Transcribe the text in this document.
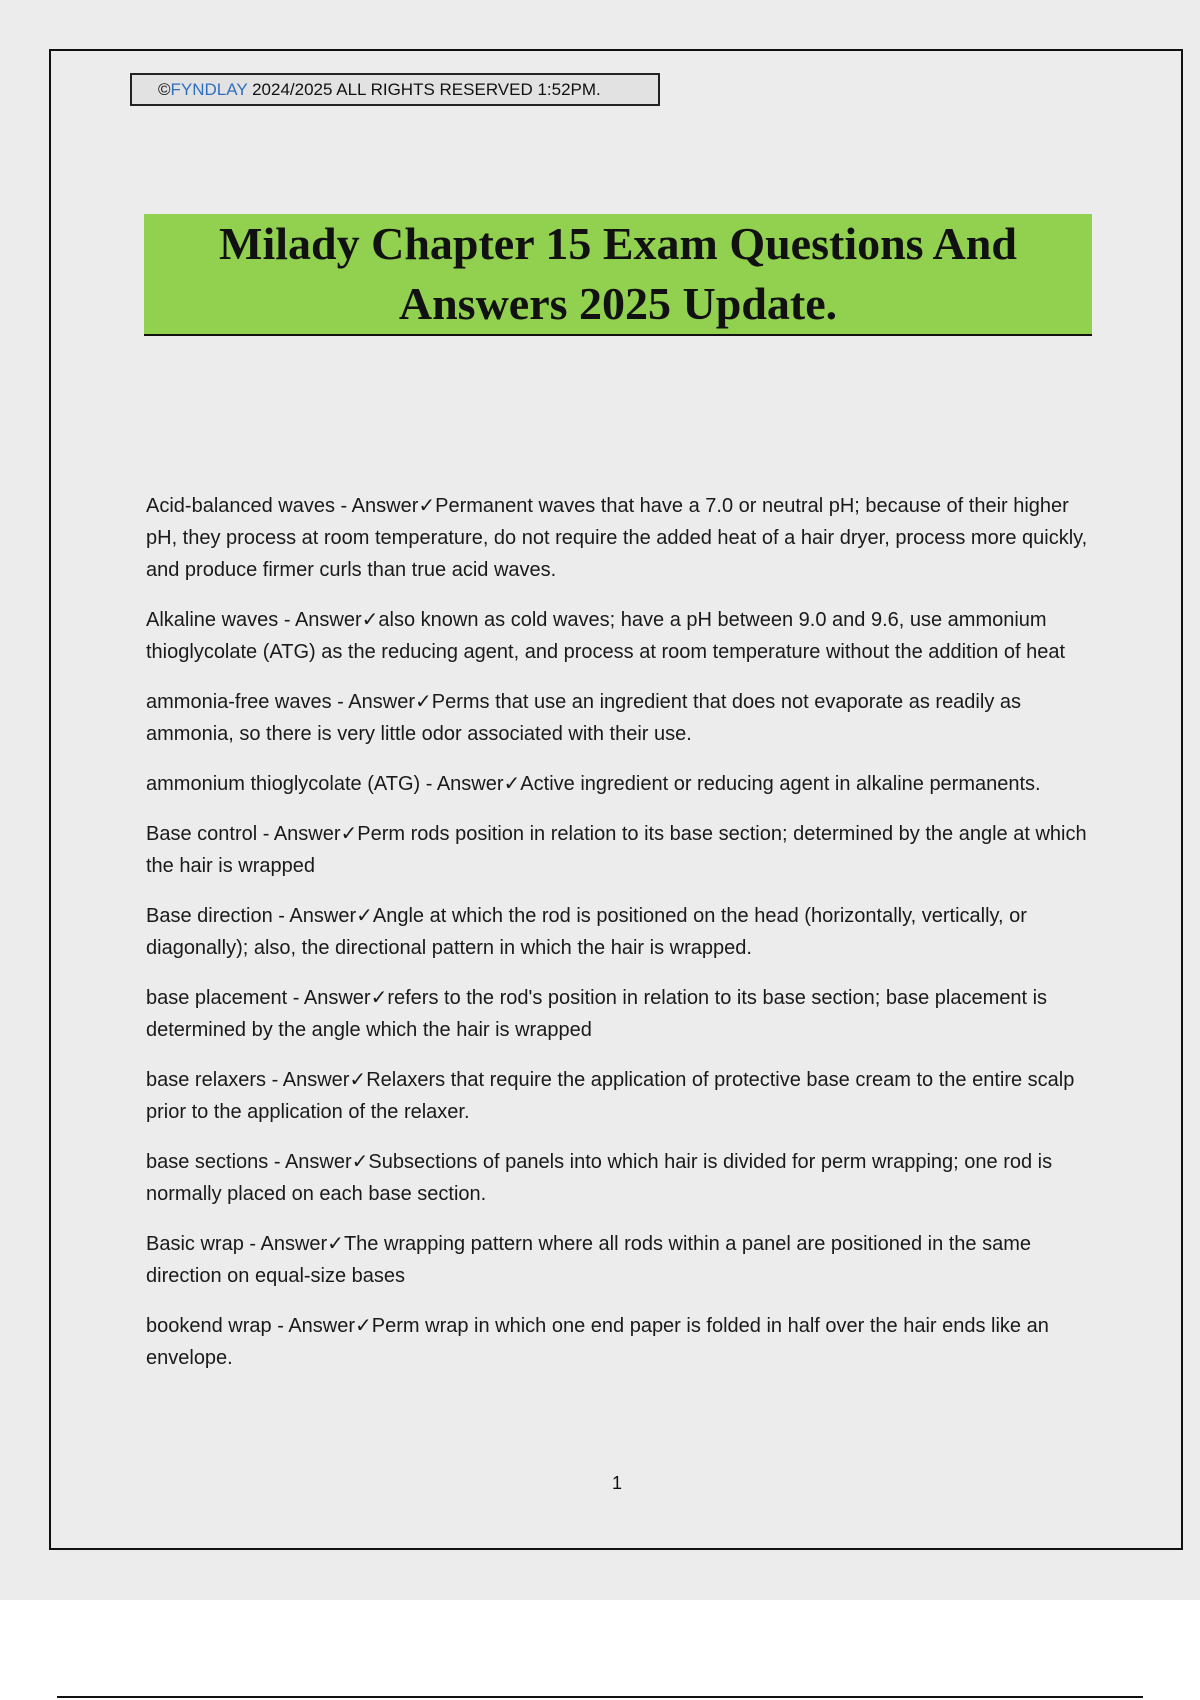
©FYNDLAY 2024/2025 ALL RIGHTS RESERVED 1:52PM.
Milady Chapter 15 Exam Questions And
Answers 2025 Update.

Acid-balanced waves - Answer✓Permanent waves that have a 7.0 or neutral pH; because of their higher pH, they process at room temperature, do not require the added heat of a hair dryer, process more quickly, and produce firmer curls than true acid waves.

Alkaline waves - Answer✓also known as cold waves; have a pH between 9.0 and 9.6, use ammonium thioglycolate (ATG) as the reducing agent, and process at room temperature without the addition of heat

ammonia-free waves - Answer✓Perms that use an ingredient that does not evaporate as readily as ammonia, so there is very little odor associated with their use.

ammonium thioglycolate (ATG) - Answer✓Active ingredient or reducing agent in alkaline permanents.

Base control - Answer✓Perm rods position in relation to its base section; determined by the angle at which the hair is wrapped

Base direction - Answer✓Angle at which the rod is positioned on the head (horizontally, vertically, or diagonally); also, the directional pattern in which the hair is wrapped.

base placement - Answer✓refers to the rod's position in relation to its base section; base placement is determined by the angle which the hair is wrapped

base relaxers - Answer✓Relaxers that require the application of protective base cream to the entire scalp prior to the application of the relaxer.

base sections - Answer✓Subsections of panels into which hair is divided for perm wrapping; one rod is normally placed on each base section.

Basic wrap - Answer✓The wrapping pattern where all rods within a panel are positioned in the same direction on equal-size bases

bookend wrap - Answer✓Perm wrap in which one end paper is folded in half over the hair ends like an envelope.

1
